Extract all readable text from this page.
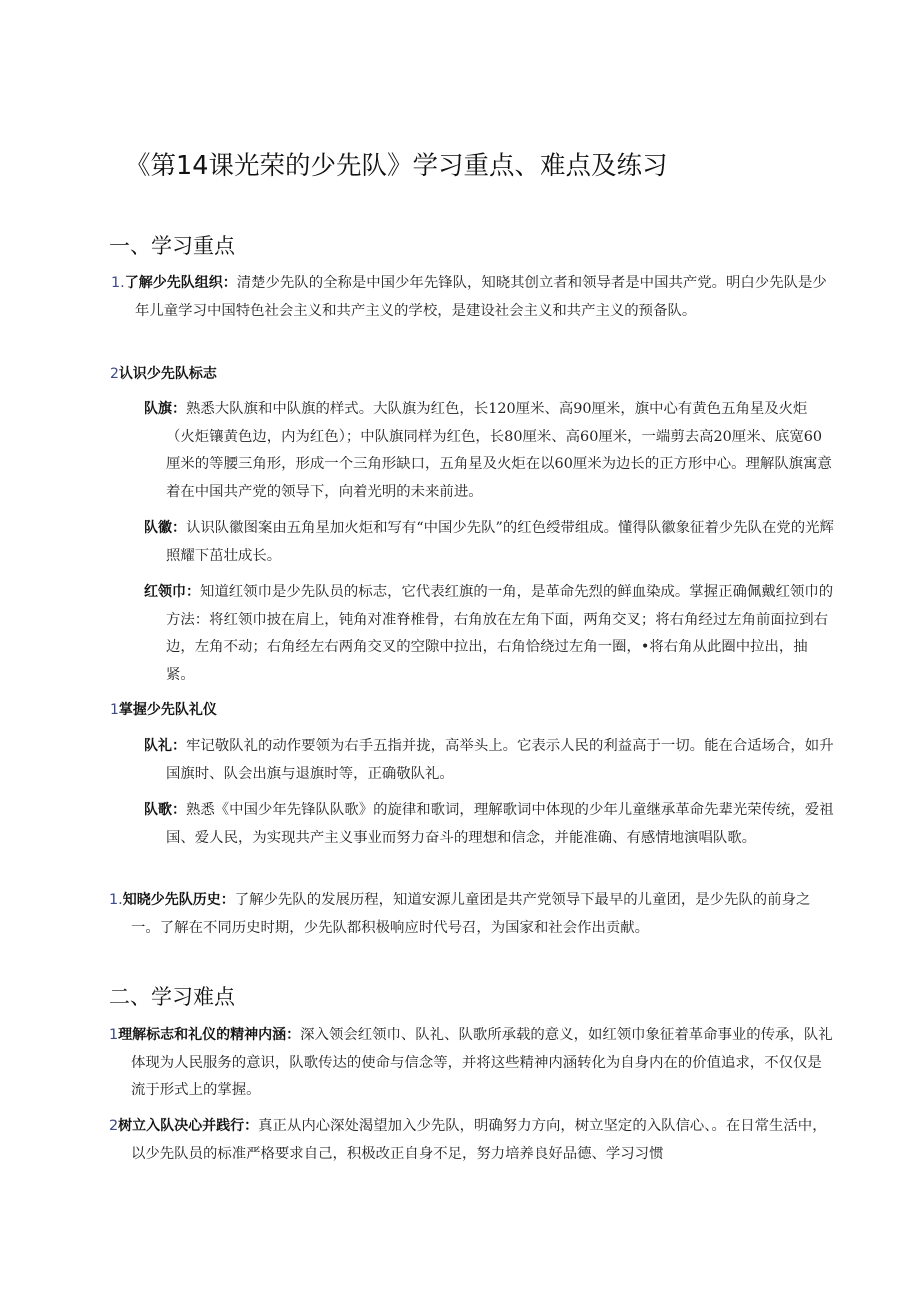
《第14课光荣的少先队》学习重点、难点及练习
一、学习重点
1.了解少先队组织：清楚少先队的全称是中国少年先锋队，知晓其创立者和领导者是中国共产党。明白少先队是少年儿童学习中国特色社会主义和共产主义的学校，是建设社会主义和共产主义的预备队。
2认识少先队标志
队旗：熟悉大队旗和中队旗的样式。大队旗为红色，长120厘米、高90厘米，旗中心有黄色五角星及火炬（火炬镶黄色边，内为红色）；中队旗同样为红色，长80厘米、高60厘米，一端剪去高20厘米、底宽60厘米的等腰三角形，形成一个三角形缺口，五角星及火炬在以60厘米为边长的正方形中心。理解队旗寓意着在中国共产党的领导下，向着光明的未来前进。
队徽：认识队徽图案由五角星加火炬和写有“中国少先队”的红色绶带组成。懂得队徽象征着少先队在党的光辉照耀下茁壮成长。
红领巾：知道红领巾是少先队员的标志，它代表红旗的一角，是革命先烈的鲜血染成。掌握正确佩戴红领巾的方法：将红领巾披在肩上，钝角对准脊椎骨，右角放在左角下面，两角交叉；将右角经过左角前面拉到右边，左角不动；右角经左右两角交叉的空隙中拉出，右角恰绕过左角一圈，•将右角从此圈中拉出，抽紧。
1掌握少先队礼仪
队礼：牢记敬队礼的动作要领为右手五指并拢，高举头上。它表示人民的利益高于一切。能在合适场合，如升国旗时、队会出旗与退旗时等，正确敬队礼。
队歌：熟悉《中国少年先锋队队歌》的旋律和歌词，理解歌词中体现的少年儿童继承革命先辈光荣传统，爱祖国、爱人民，为实现共产主义事业而努力奋斗的理想和信念，并能准确、有感情地演唱队歌。
1.知晓少先队历史：了解少先队的发展历程，知道安源儿童团是共产党领导下最早的儿童团，是少先队的前身之一。了解在不同历史时期，少先队都积极响应时代号召，为国家和社会作出贡献。
二、学习难点
1理解标志和礼仪的精神内涵：深入领会红领巾、队礼、队歌所承载的意义，如红领巾象征着革命事业的传承，队礼体现为人民服务的意识，队歌传达的使命与信念等，并将这些精神内涵转化为自身内在的价值追求，不仅仅是流于形式上的掌握。
2树立入队决心并践行：真正从内心深处渴望加入少先队，明确努力方向，树立坚定的入队信心、。在日常生活中，以少先队员的标准严格要求自己，积极改正自身不足，努力培养良好品德、学习习惯
